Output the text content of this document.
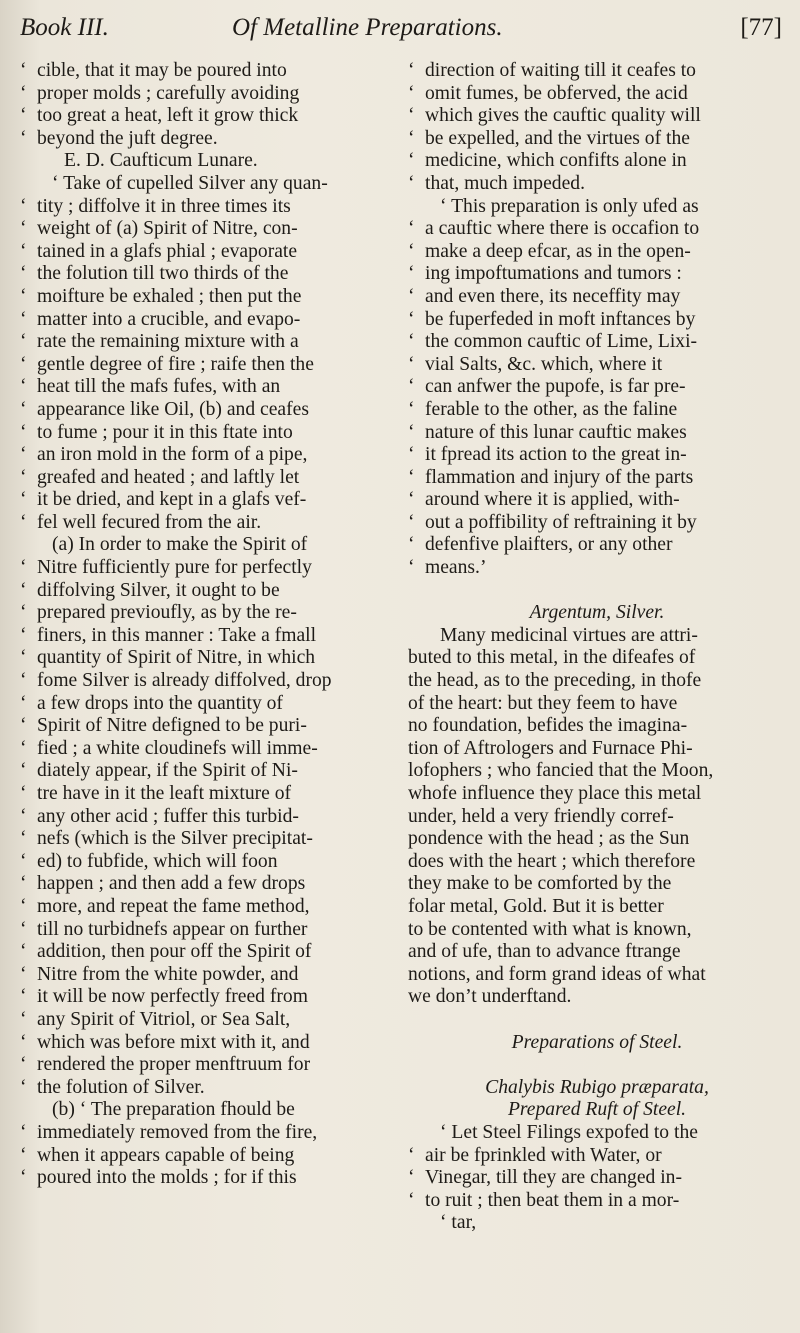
Book III.	Of Metalline Preparations.	[77]
‘ cible, that it may be poured into
‘ proper molds ; carefully avoiding
‘ too great a heat, left it grow thick
‘ beyond the juft degree.
E. D. Caufticum Lunare.
‘ Take of cupelled Silver any quan-
‘ tity ; diffolve it in three times its
‘ weight of (a) Spirit of Nitre, con-
‘ tained in a glafs phial ; evaporate
‘ the folution till two thirds of the
‘ moifture be exhaled ; then put the
‘ matter into a crucible, and evapo-
‘ rate the remaining mixture with a
‘ gentle degree of fire ; raife then the
‘ heat till the mafs fufes, with an
‘ appearance like Oil, (b) and ceafes
‘ to fume ; pour it in this ftate into
‘ an iron mold in the form of a pipe,
‘ greafed and heated ; and laftly let
‘ it be dried, and kept in a glafs vef-
‘ fel well fecured from the air.
(a) In order to make the Spirit of
‘ Nitre fufficiently pure for perfectly
‘ diffolving Silver, it ought to be
‘ prepared previoufly, as by the re-
‘ finers, in this manner : Take a fmall
‘ quantity of Spirit of Nitre, in which
‘ fome Silver is already diffolved, drop
‘ a few drops into the quantity of
‘ Spirit of Nitre defigned to be puri-
‘ fied ; a white cloudinefs will imme-
‘ diately appear, if the Spirit of Ni-
‘ tre have in it the leaft mixture of
‘ any other acid ; fuffer this turbid-
‘ nefs (which is the Silver precipitat-
‘ ed) to fubfide, which will foon
‘ happen ; and then add a few drops
‘ more, and repeat the fame method,
‘ till no turbidnefs appear on further
‘ addition, then pour off the Spirit of
‘ Nitre from the white powder, and
‘ it will be now perfectly freed from
‘ any Spirit of Vitriol, or Sea Salt,
‘ which was before mixt with it, and
‘ rendered the proper menftruum for
‘ the folution of Silver.
(b) ‘ The preparation fhould be
‘ immediately removed from the fire,
‘ when it appears capable of being
‘ poured into the molds ; for if this
‘ direction of waiting till it ceafes to
‘ omit fumes, be obferved, the acid
‘ which gives the cauftic quality will
‘ be expelled, and the virtues of the
‘ medicine, which confifts alone in
‘ that, much impeded.
‘ This preparation is only ufed as
‘ a cauftic where there is occafion to
‘ make a deep efcar, as in the open-
‘ ing impoftumations and tumors :
‘ and even there, its neceffity may
‘ be fuperfeded in moft inftances by
‘ the common cauftic of Lime, Lixi-
‘ vial Salts, &c. which, where it
‘ can anfwer the pupofe, is far pre-
‘ ferable to the other, as the faline
‘ nature of this lunar cauftic makes
‘ it fpread its action to the great in-
‘ flammation and injury of the parts
‘ around where it is applied, with-
‘ out a poffibility of reftraining it by
‘ defenfive plaifters, or any other
‘ means.’
Argentum, Silver.
Many medicinal virtues are attri-
buted to this metal, in the difeafes of
the head, as to the preceding, in thofe
of the heart: but they feem to have
no foundation, befides the imagina-
tion of Aftrologers and Furnace Phi-
lofophers ; who fancied that the Moon,
whofe influence they place this metal
under, held a very friendly corref-
pondence with the head ; as the Sun
does with the heart ; which therefore
they make to be comforted by the
folar metal, Gold. But it is better
to be contented with what is known,
and of ufe, than to advance ftrange
notions, and form grand ideas of what
we don’t underftand.
Preparations of Steel.
Chalybis Rubigo præparata,
Prepared Ruft of Steel.
‘ Let Steel Filings expofed to the
‘ air be fprinkled with Water, or
‘ Vinegar, till they are changed in-
‘ to ruit ; then beat them in a mor-
‘ tar,
